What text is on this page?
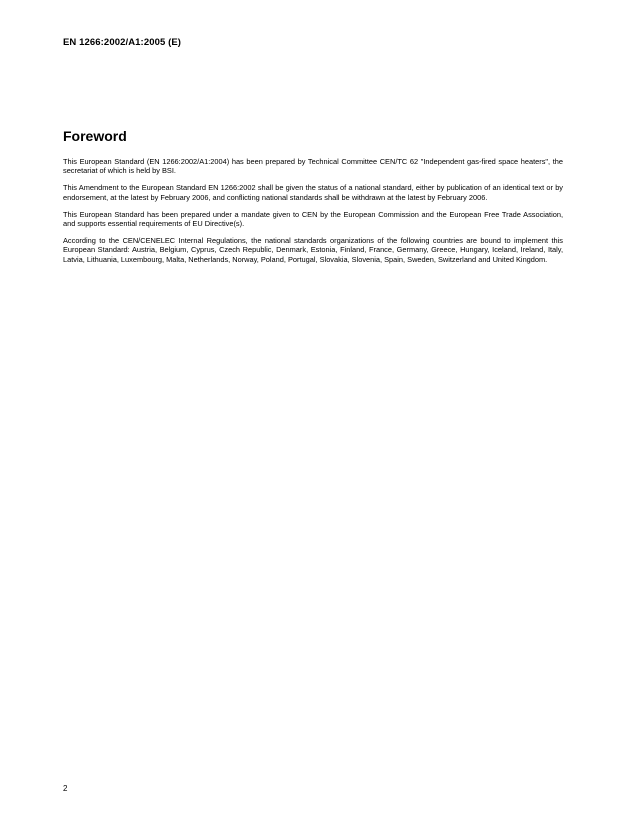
EN 1266:2002/A1:2005 (E)
Foreword

This European Standard (EN 1266:2002/A1:2004) has been prepared by Technical Committee CEN/TC 62 "Independent gas-fired space heaters", the secretariat of which is held by BSI.

This Amendment to the European Standard EN 1266:2002 shall be given the status of a national standard, either by publication of an identical text or by endorsement, at the latest by February 2006, and conflicting national standards shall be withdrawn at the latest by February 2006.

This European Standard has been prepared under a mandate given to CEN by the European Commission and the European Free Trade Association, and supports essential requirements of EU Directive(s).

According to the CEN/CENELEC Internal Regulations, the national standards organizations of the following countries are bound to implement this European Standard: Austria, Belgium, Cyprus, Czech Republic, Denmark, Estonia, Finland, France, Germany, Greece, Hungary, Iceland, Ireland, Italy, Latvia, Lithuania, Luxembourg, Malta, Netherlands, Norway, Poland, Portugal, Slovakia, Slovenia, Spain, Sweden, Switzerland and United Kingdom.

2
